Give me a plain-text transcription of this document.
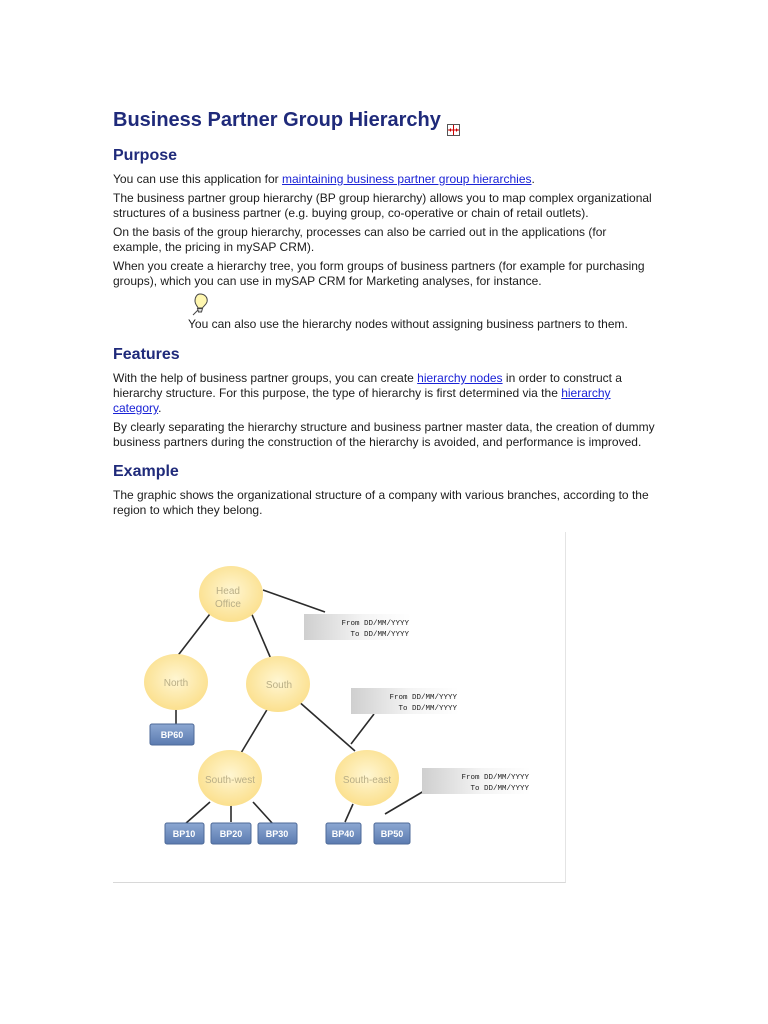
Business Partner Group Hierarchy
Purpose

You can use this application for maintaining business partner group hierarchies.

The business partner group hierarchy (BP group hierarchy) allows you to map complex organizational structures of a business partner (e.g. buying group, co-operative or chain of retail outlets).

On the basis of the group hierarchy, processes can also be carried out in the applications (for example, the pricing in mySAP CRM).

When you create a hierarchy tree, you form groups of business partners (for example for purchasing groups), which you can use in mySAP CRM for Marketing analyses, for instance.

You can also use the hierarchy nodes without assigning business partners to them.
Features

With the help of business partner groups, you can create hierarchy nodes in order to construct a hierarchy structure. For this purpose, the type of hierarchy is first determined via the hierarchy category.

By clearly separating the hierarchy structure and business partner master data, the creation of dummy business partners during the construction of the hierarchy is avoided, and performance is improved.

Example

The graphic shows the organizational structure of a company with various branches, according to the region to which they belong.

Head
Office
North	South
South-west	South-east
From DD/MM/YYYY
To DD/MM/YYYY
From DD/MM/YYYY
To DD/MM/YYYY
From DD/MM/YYYY
To DD/MM/YYYY
BP60
BP10	BP20	BP30	BP40	BP50
